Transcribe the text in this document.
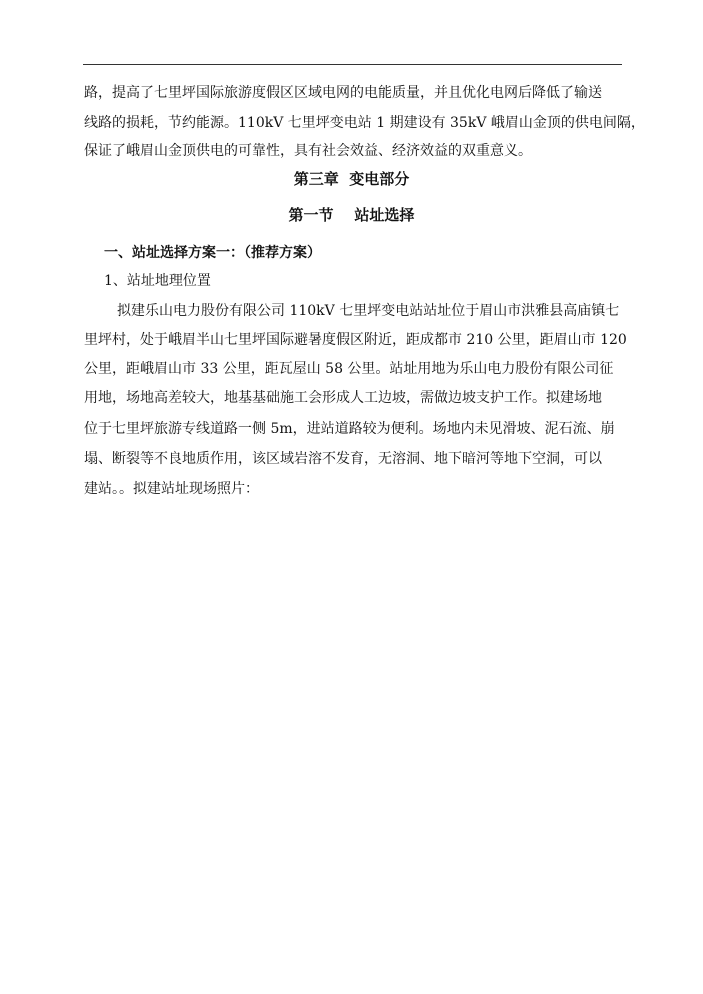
路，提高了七里坪国际旅游度假区区域电网的电能质量，并且优化电网后降低了输送
线路的损耗，节约能源。110kV 七里坪变电站 1 期建设有 35kV 峨眉山金顶的供电间隔，
保证了峨眉山金顶供电的可靠性，具有社会效益、经济效益的双重意义。
第三章  变电部分
第一节    站址选择
一、站址选择方案一：（推荐方案）
1、站址地理位置
拟建乐山电力股份有限公司 110kV 七里坪变电站站址位于眉山市洪雅县高庙镇七
里坪村，处于峨眉半山七里坪国际避暑度假区附近，距成都市 210 公里，距眉山市 120
公里，距峨眉山市 33 公里，距瓦屋山 58 公里。站址用地为乐山电力股份有限公司征
用地，场地高差较大，地基基础施工会形成人工边坡，需做边坡支护工作。拟建场地
位于七里坪旅游专线道路一侧 5m，进站道路较为便利。场地内未见滑坡、泥石流、崩
塌、断裂等不良地质作用，该区域岩溶不发育，无溶洞、地下暗河等地下空洞，可以
建站。。拟建站址现场照片：
